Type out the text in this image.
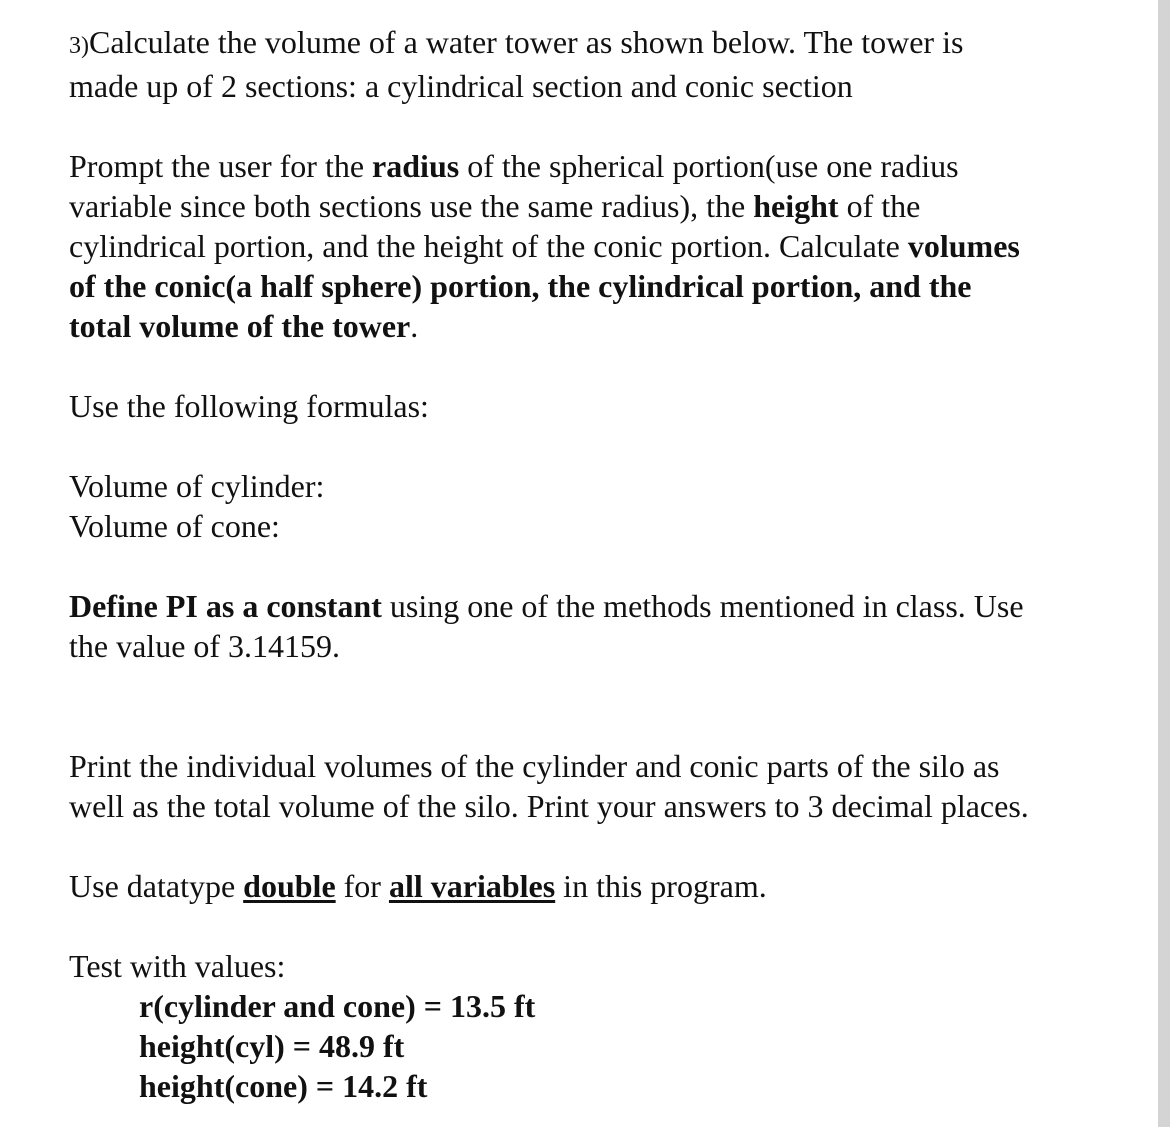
3)Calculate the volume of a water tower as shown below. The tower is
made up of 2 sections: a cylindrical section and conic section

Prompt the user for the radius of the spherical portion(use one radius
variable since both sections use the same radius), the height of the
cylindrical portion, and the height of the conic portion. Calculate volumes
of the conic(a half sphere) portion, the cylindrical portion, and the
total volume of the tower.

Use the following formulas:

Volume of cylinder:

Volume of cone:

Define PI as a constant using one of the methods mentioned in class. Use
the value of 3.14159.

Print the individual volumes of the cylinder and conic parts of the silo as
well as the total volume of the silo. Print your answers to 3 decimal places.

Use datatype double for all variables in this program.

Test with values:

r(cylinder and cone) = 13.5 ft
height(cyl) = 48.9 ft
height(cone) = 14.2 ft
